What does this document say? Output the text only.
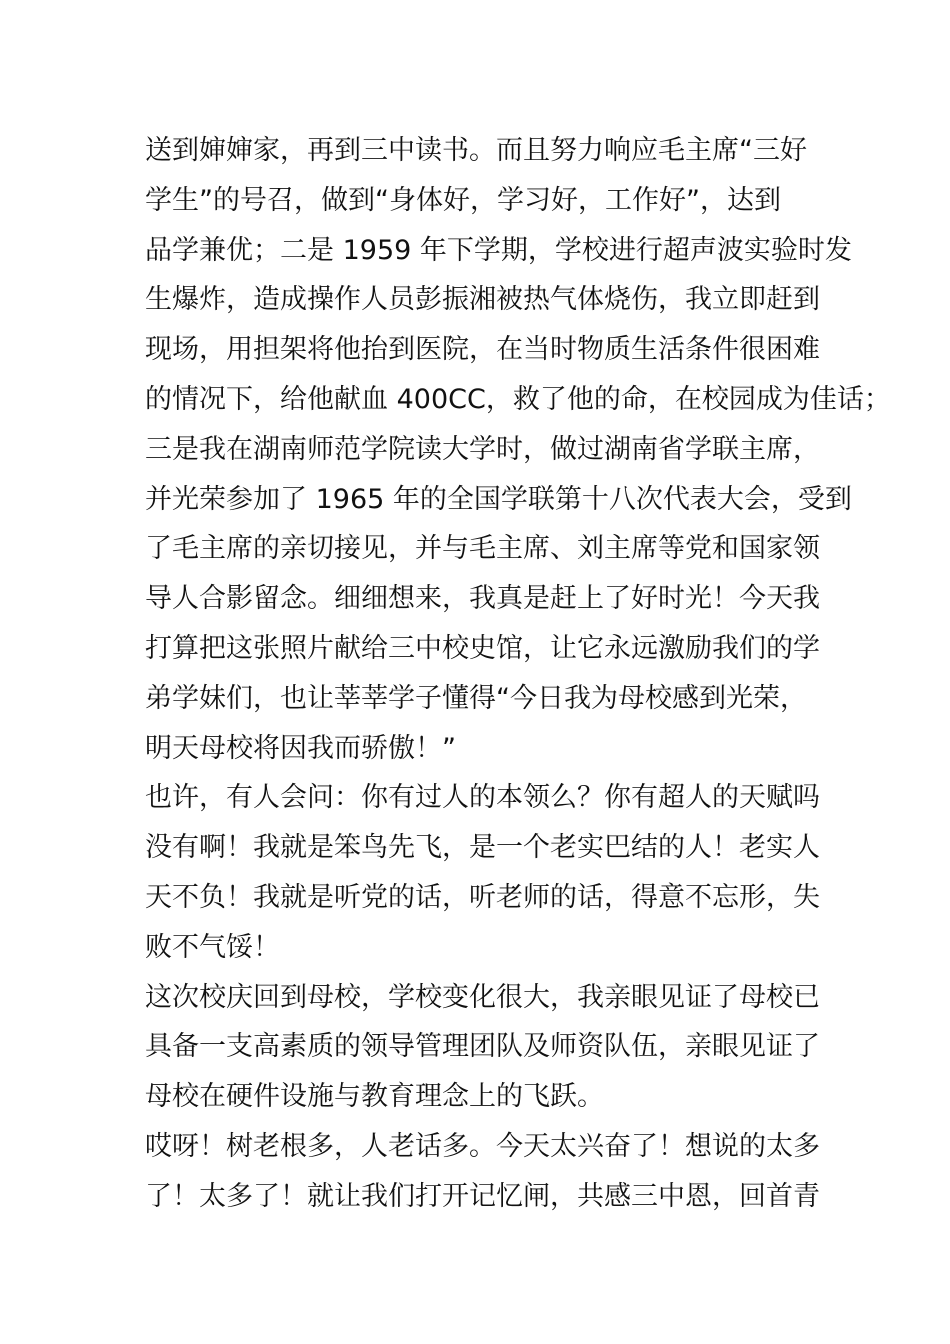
送到婶婶家，再到三中读书。而且努力响应毛主席“三好
学生”的号召，做到“身体好，学习好，工作好”，达到
品学兼优；二是 1959 年下学期，学校进行超声波实验时发
生爆炸，造成操作人员彭振湘被热气体烧伤，我立即赶到
现场，用担架将他抬到医院，在当时物质生活条件很困难
的情况下，给他献血 400CC，救了他的命，在校园成为佳话；
三是我在湖南师范学院读大学时，做过湖南省学联主席，
并光荣参加了 1965 年的全国学联第十八次代表大会，受到
了毛主席的亲切接见，并与毛主席、刘主席等党和国家领
导人合影留念。细细想来，我真是赶上了好时光！今天我
打算把这张照片献给三中校史馆，让它永远激励我们的学
弟学妹们，也让莘莘学子懂得“今日我为母校感到光荣，
明天母校将因我而骄傲！”
也许，有人会问：你有过人的本领么？你有超人的天赋吗
没有啊！我就是笨鸟先飞，是一个老实巴结的人！老实人
天不负！我就是听党的话，听老师的话，得意不忘形，失
败不气馁！
这次校庆回到母校，学校变化很大，我亲眼见证了母校已
具备一支高素质的领导管理团队及师资队伍，亲眼见证了
母校在硬件设施与教育理念上的飞跃。
哎呀！树老根多，人老话多。今天太兴奋了！想说的太多
了！太多了！就让我们打开记忆闸，共感三中恩，回首青
